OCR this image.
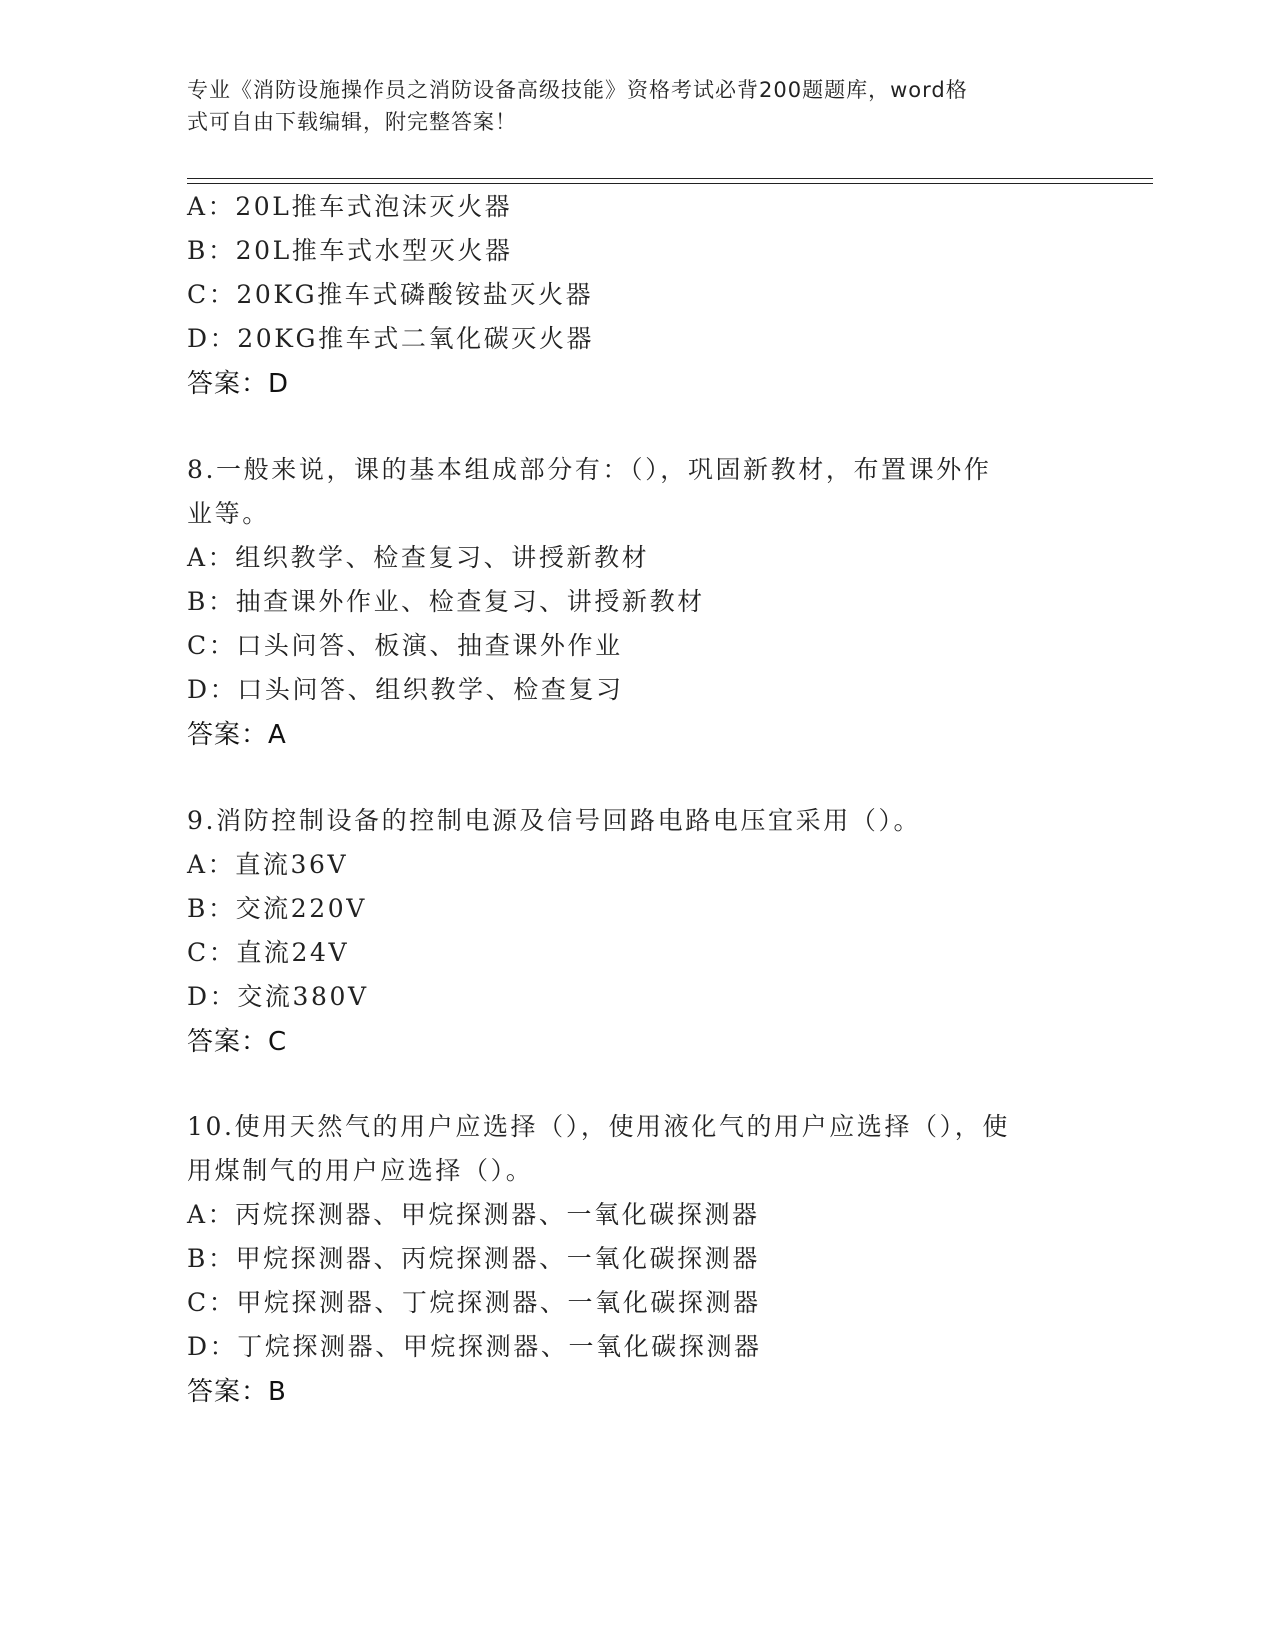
专业《消防设施操作员之消防设备高级技能》资格考试必背200题题库，word格
式可自由下载编辑，附完整答案！
A：20L推车式泡沫灭火器
B：20L推车式水型灭火器
C：20KG推车式磷酸铵盐灭火器
D：20KG推车式二氧化碳灭火器
答案：D
8.一般来说，课的基本组成部分有：（），巩固新教材，布置课外作
业等。
A：组织教学、检查复习、讲授新教材
B：抽查课外作业、检查复习、讲授新教材
C：口头问答、板演、抽查课外作业
D：口头问答、组织教学、检查复习
答案：A
9.消防控制设备的控制电源及信号回路电路电压宜采用（）。
A：直流36V
B：交流220V
C：直流24V
D：交流380V
答案：C
10.使用天然气的用户应选择（），使用液化气的用户应选择（），使
用煤制气的用户应选择（）。
A：丙烷探测器、甲烷探测器、一氧化碳探测器
B：甲烷探测器、丙烷探测器、一氧化碳探测器
C：甲烷探测器、丁烷探测器、一氧化碳探测器
D：丁烷探测器、甲烷探测器、一氧化碳探测器
答案：B
